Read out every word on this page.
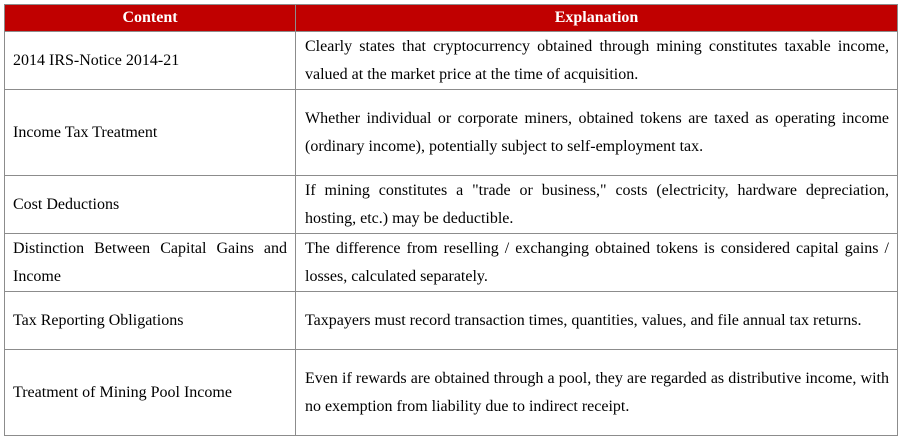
Content	Explanation
2014 IRS-Notice 2014-21	Clearly states that cryptocurrency obtained through mining constitutes taxable income, valued at the market price at the time of acquisition.
Income Tax Treatment	Whether individual or corporate miners, obtained tokens are taxed as operating income (ordinary income), potentially subject to self-employment tax.
Cost Deductions	If mining constitutes a "trade or business," costs (electricity, hardware depreciation, hosting, etc.) may be deductible.
Distinction Between Capital Gains and Income	The difference from reselling / exchanging obtained tokens is considered capital gains / losses, calculated separately.
Tax Reporting Obligations	Taxpayers must record transaction times, quantities, values, and file annual tax returns.
Treatment of Mining Pool Income	Even if rewards are obtained through a pool, they are regarded as distributive income, with no exemption from liability due to indirect receipt.
